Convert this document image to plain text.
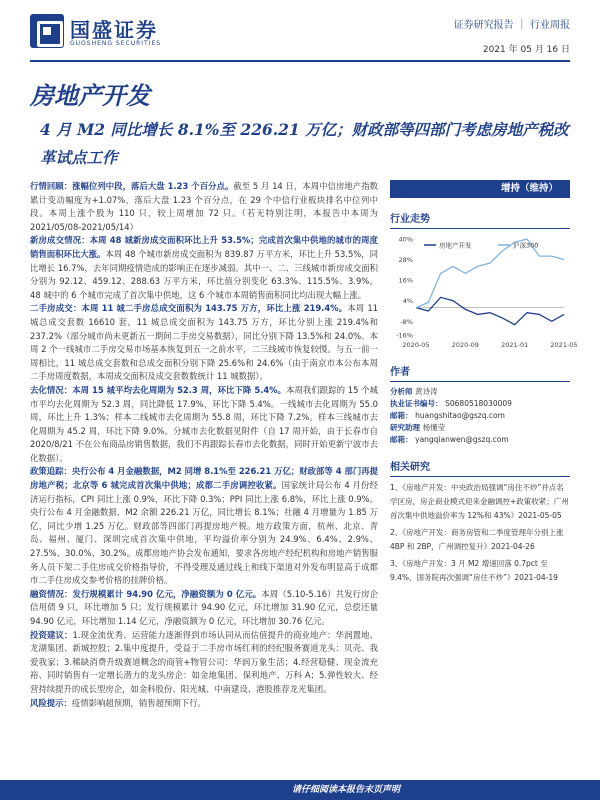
国盛证券
GUOSHENG SECURITIES
证券研究报告 ｜ 行业周报
2021 年 05 月 16 日
房地产开发
4 月 M2 同比增长 8.1%至 226.21 万亿；财政部等四部门考虑房地产税改革试点工作

行情回顾：涨幅位列中段，落后大盘 1.23 个百分点。截至 5 月 14 日，本周中信房地产指数累计变动幅度为+1.07%，落后大盘 1.23 个百分点，在 29 个中信行业板块排名中位列中段。本周上涨个股为 110 只，较上周增加 72 只。（若无特别注明，本报告中本周为 2021/05/08-2021/05/14）

新房成交情况：本周 48 城新房成交面积环比上升 53.5%；完成首次集中供地的城市的周度销售面积环比大涨。本周 48 个城市新房成交面积为 839.87 万平方米，环比上升 53.5%，同比增长 16.7%，去年同期疫情造成的影响正在逐步减弱。其中一、二、三线城市新房成交面积分别为 92.12、459.12、288.63 万平方米，环比值分别变化 63.3%、115.5%、3.9%。48 城中的 6 个城市完成了首次集中供地，这 6 个城市本周销售面积同比均出现大幅上涨。

二手房成交：本周 11 城二手房总成交面积为 143.75 万方，环比上涨 219.4%。本周 11 城总成交套数 16610 套，11 城总成交面积为 143.75 万方，环比分别上涨 219.4%和 237.2%（部分城市尚未更新五一期间二手房交易数据），同比分别下降 13.5%和 24.0%。本周 2 个一线城市二手房交易市场基本恢复到五一之前水平，二三线城市恢复较慢。与五一前一周相比，11 城总成交套数和总成交面积分别下降 25.6%和 24.6%（由于南京市本公布本周二手房周度数据，本周成交面积及成交套数数统计 11 城数据）。

去化情况：本周 15 城平均去化周期为 52.3 周，环比下降 5.4%。本周我们跟踪的 15 个城市平均去化周期为 52.3 周，同比降低 17.9%，环比下降 5.4%。一线城市去化周期为 55.0 周，环比上升 1.3%；样本二线城市去化周期为 55.8 周，环比下降 7.2%。样本三线城市去化周期为 45.2 周，环比下降 9.0%。分城市去化数据见附件（自 17 周开始，由于长春市自 2020/8/21 不在公布商品房销售数据，我们不再跟踪长春市去化数据，同时开始更新宁波市去化数据）。

政策追踪：央行公布 4 月金融数据，M2 同增 8.1%至 226.21 万亿；财政部等 4 部门再提房地产税；北京等 6 城完成首次集中供地；成都二手房调控收紧。国家统计局公布 4 月份经济运行指标，CPI 同比上涨 0.9%，环比下降 0.3%；PPI 同比上涨 6.8%，环比上涨 0.9%。央行公布 4 月金融数据，M2 余额 226.21 万亿，同比增长 8.1%；社融 4 月增量为 1.85 万亿，同比少增 1.25 万亿。财政部等四部门再提房地产税。地方政策方面，杭州、北京、青岛、福州、厦门、深圳完成首次集中供地，平均溢价率分别为 24.9%、6.4%、2.9%、27.5%、30.0%、30.2%。成都房地产协会发布通知，要求各房地产经纪机构和房地产销售服务人员下架二手住房成交价格指导价，不得受理及通过线上和线下渠道对外发布明显高于成都市二手住房成交参考价格的挂牌价格。

融资情况：发行规模累计 94.90 亿元，净融资额为 0 亿元。本周（5.10-5.16）共发行房企信用债 9 只，环比增加 5 只；发行规模累计 94.90 亿元，环比增加 31.90 亿元，总偿还量 94.90 亿元，环比增加 1.14 亿元，净融资额为 0 亿元，环比增加 30.76 亿元。

投资建议：1.现金流优秀、运营能力逐渐得到市场认同从而估值提升的商业地产：华润置地、龙湖集团、新城控股；2.集中度提升，受益于二手房市场红利的经纪服务赛道龙头：贝壳、我爱我家；3.稀缺消费升级赛道概念的商管+物管公司：华润万象生活；4.经营稳健、现金流充裕、同时销售有一定增长潜力的龙头房企：如金地集团、保利地产、万科 A；5.弹性较大、经营持续提升的成长型房企，如金科股份、阳光城、中南建设、港股推荐龙光集团。

风险提示：疫情影响超预期，销售超预期下行。

增持（维持）
行业走势
40%
28%
16%
4%
-8%
-16%
2020-05	2020-09	2021-01	2021-05
房地产开发	沪深300
作者
分析师 黄诗涛
执业证书编号： S0680518030009
邮箱： huangshitao@gszq.com
研究助理 杨懂莹
邮箱： yangqianwen@gszq.com
相关研究

1、《房地产开发：中央政治局强调“房住不炒”并点名学区房，房企商业模式迎来金融调控+政策收紧；广州首次集中供地溢价率为 12%和 43%》2021-05-05

2、《房地产开发：商务房管和二季度管理年分别上涨 4BP 和 2BP，广州调控复升》2021-04-26

3、《房地产开发：3 月 M2 增速回落 0.7pct 至 9.4%，国务院再次强调“房住不炒”》2021-04-19

请仔细阅读本报告末页声明
